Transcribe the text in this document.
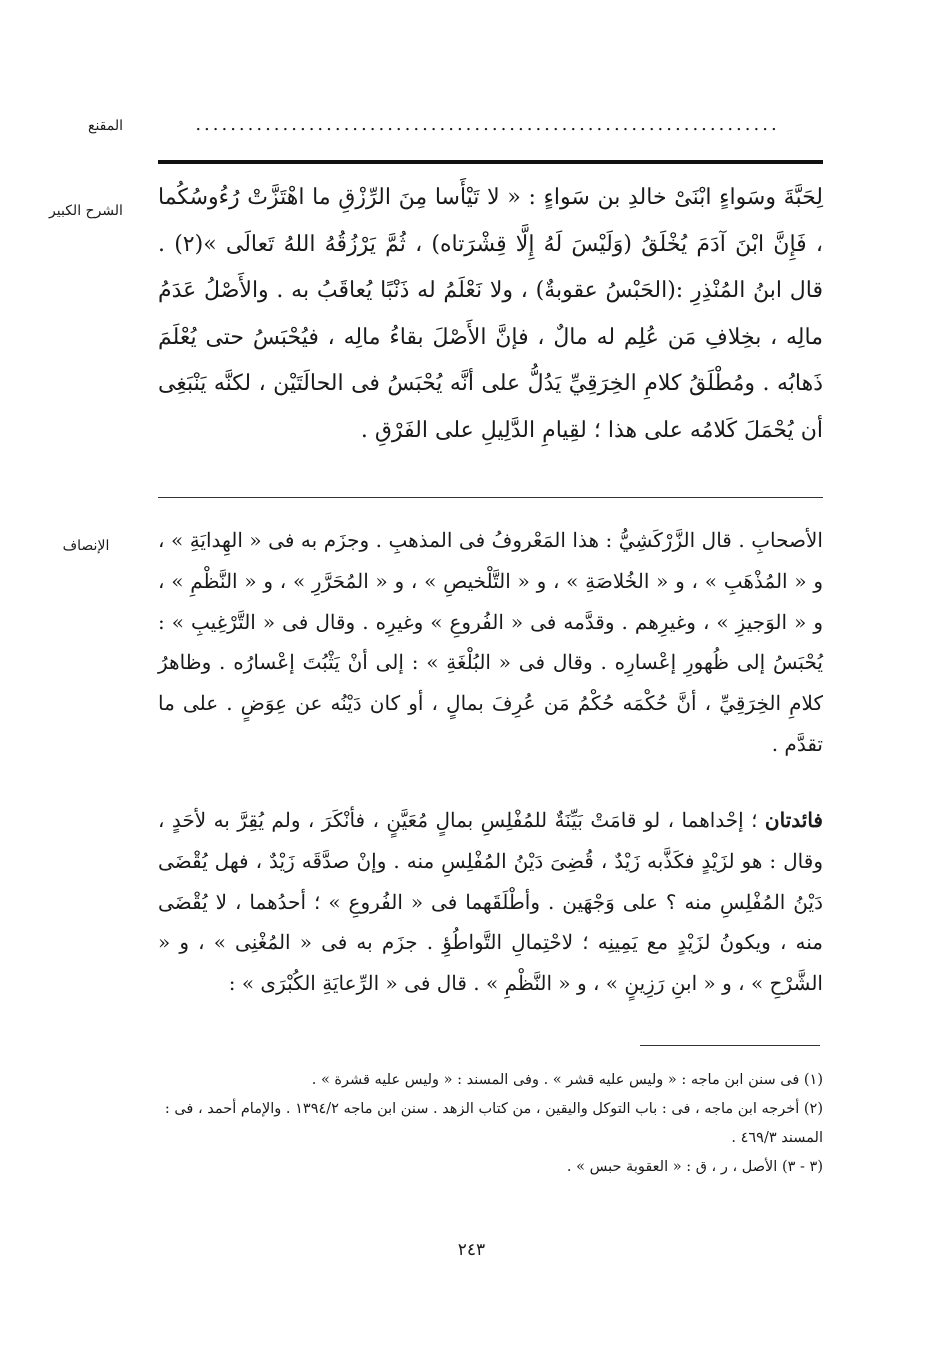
المقنع	...................................................................
الشرح الكبير

لِحَبَّةَ وسَواءٍ ابْنَىْ خالدِ بن سَواءٍ : « لا تَيْأَسا مِنَ الرِّزْقِ ما اهْتَزَّتْ رُءُوسُكُما ، فَإِنَّ ابْنَ آدَمَ يُخْلَقُ (وَلَيْسَ لَهُ إِلَّا قِشْرَتاه) ، ثُمَّ يَرْزُقُهُ اللهُ تَعالَى »(٢) . قال ابنُ المُنْذِرِ :(الحَبْسُ عقوبةٌ) ، ولا نَعْلَمُ له ذَنْبًا يُعاقَبُ به . والأَصْلُ عَدَمُ مالِه ، بخِلافِ مَن عُلِم له مالٌ ، فإنَّ الأَصْلَ بقاءُ مالِه ، فيُحْبَسُ حتى يُعْلَمَ ذَهابُه . ومُطْلَقُ كلامِ الخِرَقِيِّ يَدُلُّ على أنَّه يُحْبَسُ فى الحالَتَيْن ، لكنَّه يَنْبَغِى أن يُحْمَلَ كَلامُه على هذا ؛ لقِيامِ الدَّلِيلِ على الفَرْقِ .

الإنصاف	الأصحابِ . قال الزَّرْكَشِيُّ : هذا المَعْروفُ فى المذهبِ . وجزَم به فى « الهِدايَةِ » ، و « المُذْهَبِ » ، و « الخُلاصَةِ » ، و « التَّلْخيصِ » ، و « المُحَرَّرِ » ، و « النَّظْمِ » ، و « الوَجيزِ » ، وغيرِهم . وقدَّمه فى « الفُروعِ » وغيرِه . وقال فى « التَّرْغِيبِ » : يُحْبَسُ إلى ظُهورِ إعْسارِه . وقال فى « البُلْغَةِ » : إلى أنْ يَثْبُتَ إعْسارُه . وظاهرُ كلامِ الخِرَقِيِّ ، أنَّ حُكْمَه حُكْمُ مَن عُرِفَ بمالٍ ، أو كان دَيْنُه عن عِوَضٍ . على ما تقدَّم .

فائدتان ؛ إحْداهما ، لو قامَتْ بَيِّنَةٌ للمُفْلِسِ بمالٍ مُعَيَّنٍ ، فأنْكَرَ ، ولم يُقِرَّ به لأحَدٍ ، وقال : هو لزَيْدٍ فكَذَّبه زَيْدٌ ، قُضِىَ دَيْنُ المُفْلِسِ منه . وإنْ صدَّقَه زَيْدٌ ، فهل يُقْضَى دَيْنُ المُفْلِسِ منه ؟ على وَجْهَين . وأطْلَقَهما فى « الفُروعِ » ؛ أحدُهما ، لا يُقْضَى منه ، ويكونُ لزَيْدٍ مع يَمِينِه ؛ لاحْتِمالِ التَّواطُؤِ . جزَم به فى « المُغْنِى » ، و « الشَّرْحِ » ، و « ابنِ رَزِينٍ » ، و « النَّظْمِ » . قال فى « الرِّعايَةِ الكُبْرَى » :

(١) فى سنن ابن ماجه : « وليس عليه قشر » . وفى المسند : « وليس عليه قشرة » .
(٢) أخرجه ابن ماجه ، فى : باب التوكل واليقين ، من كتاب الزهد . سنن ابن ماجه ١٣٩٤/٢ . والإمام أحمد ، فى : المسند ٤٦٩/٣ .
(٣ - ٣) الأصل ، ر ، ق : « العقوبة حبس » .
٢٤٣
